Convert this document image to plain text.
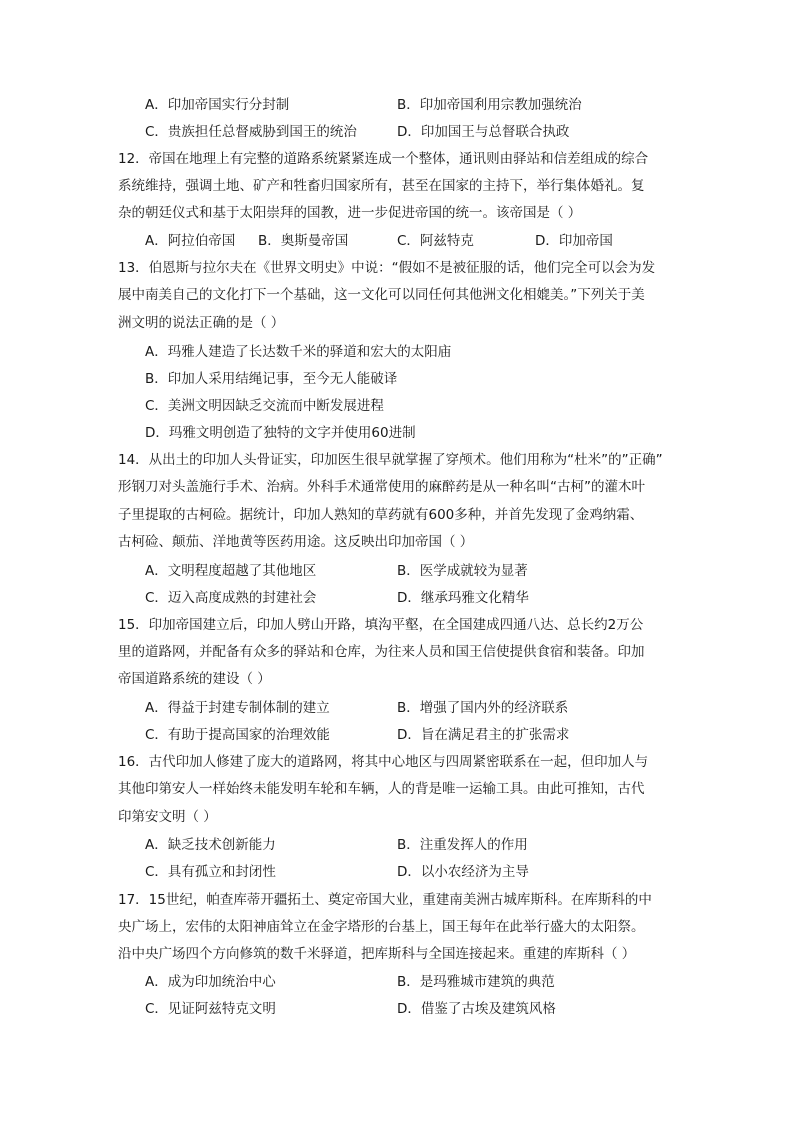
A．印加帝国实行分封制	B．印加帝国利用宗教加强统治
C．贵族担任总督威胁到国王的统治	D．印加国王与总督联合执政
12．帝国在地理上有完整的道路系统紧紧连成一个整体，通讯则由驿站和信差组成的综合
系统维持，强调土地、矿产和牲畜归国家所有，甚至在国家的主持下，举行集体婚礼。复
杂的朝廷仪式和基于太阳崇拜的国教，进一步促进帝国的统一。该帝国是（ ）
A．阿拉伯帝国 B．奥斯曼帝国	C．阿兹特克	D．印加帝国
13．伯恩斯与拉尔夫在《世界文明史》中说：“假如不是被征服的话，他们完全可以会为发
展中南美自己的文化打下一个基础，这一文化可以同任何其他洲文化相媲美。”下列关于美
洲文明的说法正确的是（ ）
A．玛雅人建造了长达数千米的驿道和宏大的太阳庙
B．印加人采用结绳记事，至今无人能破译
C．美洲文明因缺乏交流而中断发展进程
D．玛雅文明创造了独特的文字并使用60进制
14．从出土的印加人头骨证实，印加医生很早就掌握了穿颅术。他们用称为“杜米”的”正确”
形钢刀对头盖施行手术、治病。外科手术通常使用的麻醉药是从一种名叫“古柯”的灌木叶
子里提取的古柯硷。据统计，印加人熟知的草药就有600多种，并首先发现了金鸡纳霜、
古柯硷、颠茄、洋地黄等医药用途。这反映出印加帝国（ ）
A．文明程度超越了其他地区	B．医学成就较为显著
C．迈入高度成熟的封建社会	D．继承玛雅文化精华
15．印加帝国建立后，印加人劈山开路，填沟平壑，在全国建成四通八达、总长约2万公
里的道路网，并配备有众多的驿站和仓库，为往来人员和国王信使提供食宿和装备。印加
帝国道路系统的建设（ ）
A．得益于封建专制体制的建立	B．增强了国内外的经济联系
C．有助于提高国家的治理效能	D．旨在满足君主的扩张需求
16．古代印加人修建了庞大的道路网，将其中心地区与四周紧密联系在一起，但印加人与
其他印第安人一样始终未能发明车轮和车辆，人的背是唯一运输工具。由此可推知，古代
印第安文明（ ）
A．缺乏技术创新能力	B．注重发挥人的作用
C．具有孤立和封闭性	D．以小农经济为主导
17．15世纪，帕查库蒂开疆拓土、奠定帝国大业，重建南美洲古城库斯科。在库斯科的中
央广场上，宏伟的太阳神庙耸立在金字塔形的台基上，国王每年在此举行盛大的太阳祭。
沿中央广场四个方向修筑的数千米驿道，把库斯科与全国连接起来。重建的库斯科（ ）
A．成为印加统治中心	B．是玛雅城市建筑的典范
C．见证阿兹特克文明	D．借鉴了古埃及建筑风格
